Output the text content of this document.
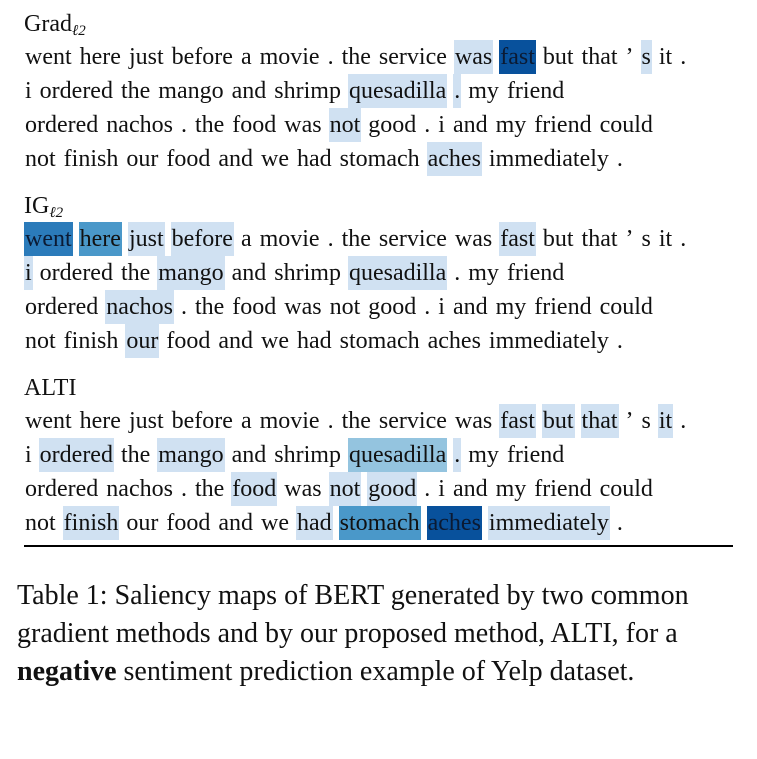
Grad$_{\ell 2}$
went here just before a movie . the service was fast but that ’ s it .
i ordered the mango and shrimp quesadilla . my friend
ordered nachos . the food was not good . i and my friend could
not finish our food and we had stomach aches immediately .
$IG_{\ell 2}$
went here just before a movie . the service was fast but that ’ s it .
i ordered the mango and shrimp quesadilla . my friend
ordered nachos . the food was not good . i and my friend could
not finish our food and we had stomach aches immediately .
ALTI
went here just before a movie . the service was fast but that ’ s it .
i ordered the mango and shrimp quesadilla . my friend
ordered nachos . the food was not good . i and my friend could
not finish our food and we had stomach aches immediately .
Table 1: Saliency maps of BERT generated by two common gradient methods and by our proposed method, ALTI, for a negative sentiment prediction example of Yelp dataset.
